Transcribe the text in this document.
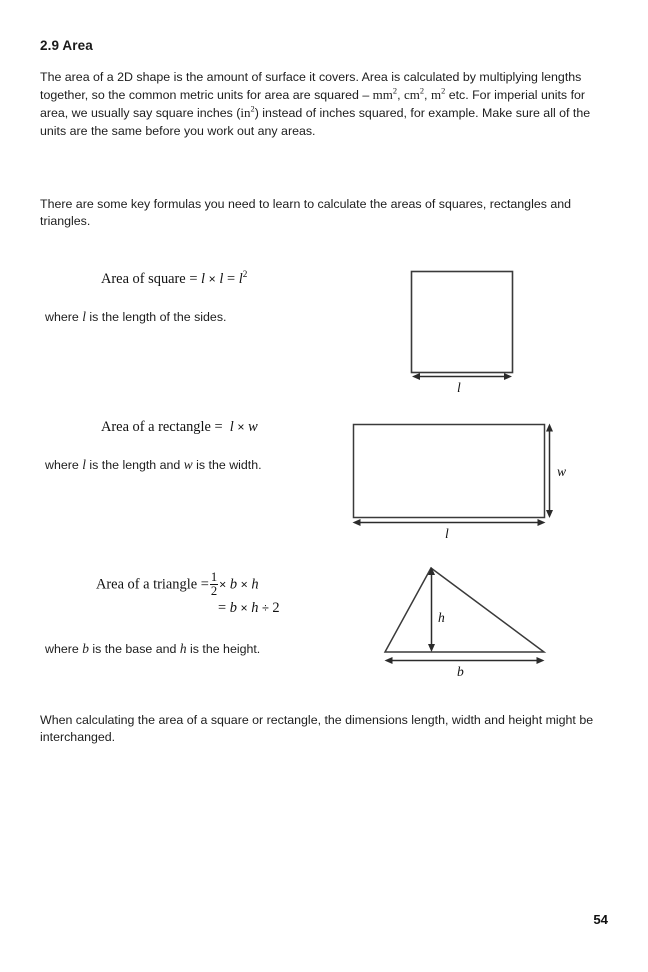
2.9 Area
The area of a 2D shape is the amount of surface it covers. Area is calculated by multiplying lengths together, so the common metric units for area are squared – $mm^2$, $cm^2$, $m^2$ etc. For imperial units for area, we usually say square inches $(in^2)$ instead of inches squared, for example. Make sure all of the units are the same before you work out any areas.
There are some key formulas you need to learn to calculate the areas of squares, rectangles and triangles.
Area of square = $l \times l = l^2$
where l is the length of the sides.
l
Area of a rectangle = l × w
where l is the length and w is the width.
l
w
Area of a triangle = $\frac{1}{2} \times b \times h$
= b × h ÷ 2
where b is the base and h is the height.
h
b
When calculating the area of a square or rectangle, the dimensions length, width and height might be interchanged.
54
